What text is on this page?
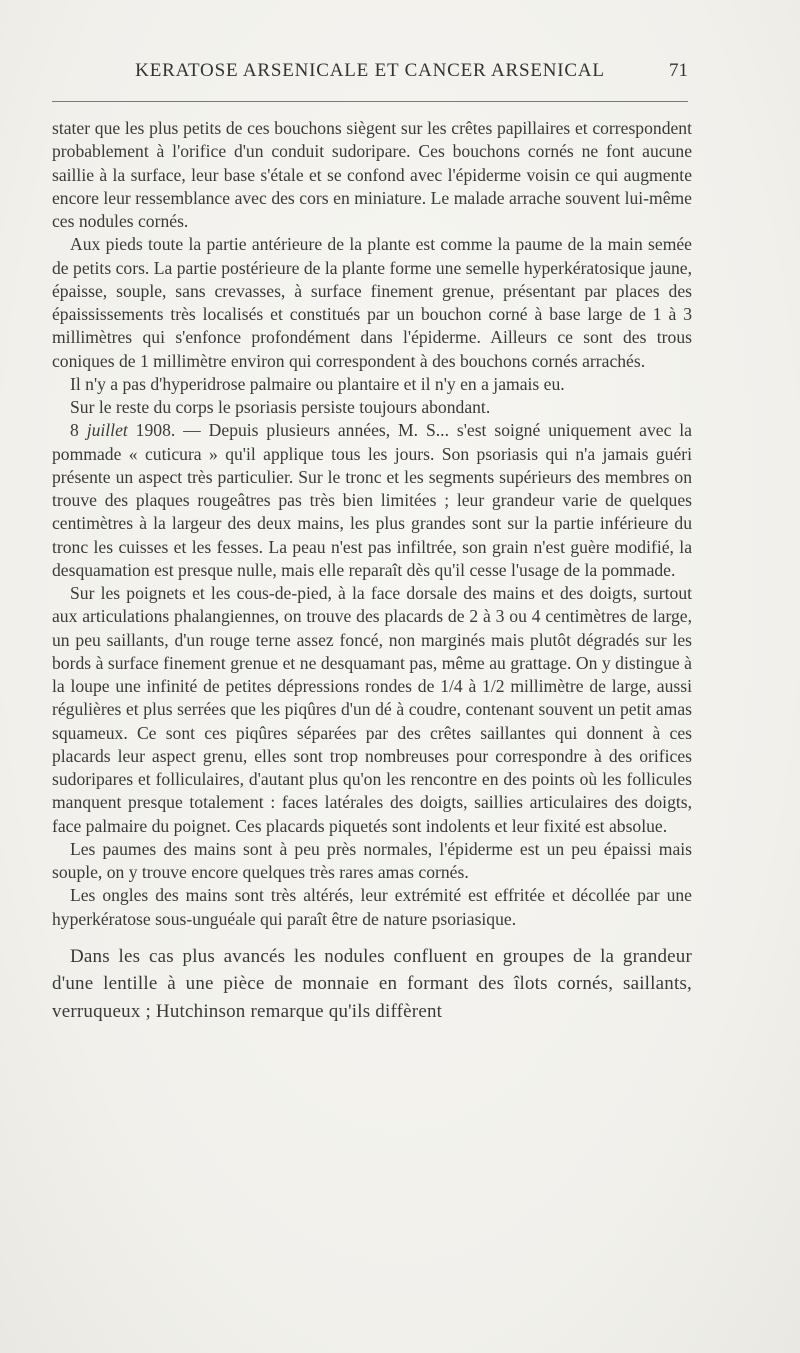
KERATOSE ARSENICALE ET CANCER ARSENICAL	71

stater que les plus petits de ces bouchons siègent sur les crêtes papillaires et correspondent probablement à l'orifice d'un conduit sudoripare. Ces bouchons cornés ne font aucune saillie à la surface, leur base s'étale et se confond avec l'épiderme voisin ce qui augmente encore leur ressemblance avec des cors en miniature. Le malade arrache souvent lui-même ces nodules cornés.

Aux pieds toute la partie antérieure de la plante est comme la paume de la main semée de petits cors. La partie postérieure de la plante forme une semelle hyperkératosique jaune, épaisse, souple, sans crevasses, à surface finement grenue, présentant par places des épaississements très localisés et constitués par un bouchon corné à base large de 1 à 3 millimètres qui s'enfonce profondément dans l'épiderme. Ailleurs ce sont des trous coniques de 1 millimètre environ qui correspondent à des bouchons cornés arrachés.

Il n'y a pas d'hyperidrose palmaire ou plantaire et il n'y en a jamais eu.

Sur le reste du corps le psoriasis persiste toujours abondant.

8 juillet 1908. — Depuis plusieurs années, M. S... s'est soigné uniquement avec la pommade « cuticura » qu'il applique tous les jours. Son psoriasis qui n'a jamais guéri présente un aspect très particulier. Sur le tronc et les segments supérieurs des membres on trouve des plaques rougeâtres pas très bien limitées ; leur grandeur varie de quelques centimètres à la largeur des deux mains, les plus grandes sont sur la partie inférieure du tronc les cuisses et les fesses. La peau n'est pas infiltrée, son grain n'est guère modifié, la desquamation est presque nulle, mais elle reparaît dès qu'il cesse l'usage de la pommade.

Sur les poignets et les cous-de-pied, à la face dorsale des mains et des doigts, surtout aux articulations phalangiennes, on trouve des placards de 2 à 3 ou 4 centimètres de large, un peu saillants, d'un rouge terne assez foncé, non marginés mais plutôt dégradés sur les bords à surface finement grenue et ne desquamant pas, même au grattage. On y distingue à la loupe une infinité de petites dépressions rondes de 1/4 à 1/2 millimètre de large, aussi régulières et plus serrées que les piqûres d'un dé à coudre, contenant souvent un petit amas squameux. Ce sont ces piqûres séparées par des crêtes saillantes qui donnent à ces placards leur aspect grenu, elles sont trop nombreuses pour correspondre à des orifices sudoripares et folliculaires, d'autant plus qu'on les rencontre en des points où les follicules manquent presque totalement : faces latérales des doigts, saillies articulaires des doigts, face palmaire du poignet. Ces placards piquetés sont indolents et leur fixité est absolue.

Les paumes des mains sont à peu près normales, l'épiderme est un peu épaissi mais souple, on y trouve encore quelques très rares amas cornés.

Les ongles des mains sont très altérés, leur extrémité est effritée et décollée par une hyperkératose sous-unguéale qui paraît être de nature psoriasique.

Dans les cas plus avancés les nodules confluent en groupes de la grandeur d'une lentille à une pièce de monnaie en formant des îlots cornés, saillants, verruqueux ; Hutchinson remarque qu'ils diffèrent
